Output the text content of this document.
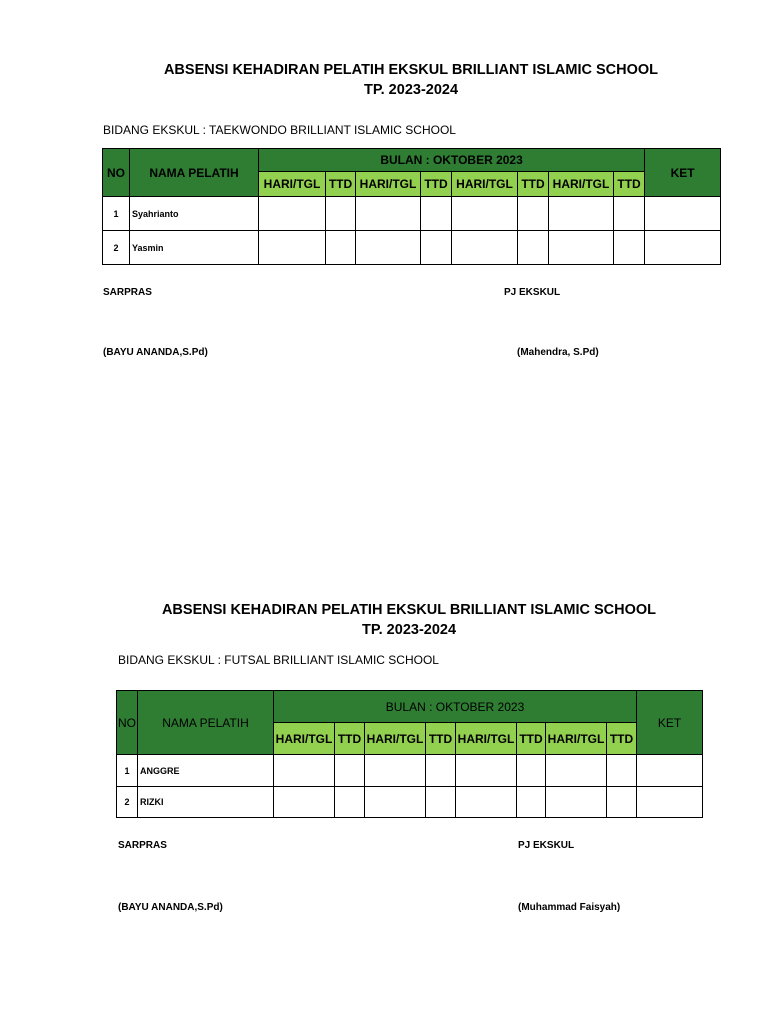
ABSENSI KEHADIRAN PELATIH EKSKUL BRILLIANT ISLAMIC SCHOOL
TP. 2023-2024
BIDANG EKSKUL : TAEKWONDO BRILLIANT ISLAMIC SCHOOL
NO	NAMA PELATIH	BULAN : OKTOBER 2023								KET
		HARI/TGL	TTD	HARI/TGL	TTD	HARI/TGL	TTD	HARI/TGL	TTD	
1	Syahrianto									
2	Yasmin									
SARPRAS	PJ EKSKUL
(BAYU ANANDA,S.Pd)	(Mahendra, S.Pd)
ABSENSI KEHADIRAN PELATIH EKSKUL BRILLIANT ISLAMIC SCHOOL
TP. 2023-2024
BIDANG EKSKUL : FUTSAL BRILLIANT ISLAMIC SCHOOL
NO	NAMA PELATIH	BULAN : OKTOBER 2023								KET
		HARI/TGL	TTD	HARI/TGL	TTD	HARI/TGL	TTD	HARI/TGL	TTD	
1	ANGGRE									
2	RIZKI									
SARPRAS	PJ EKSKUL
(BAYU ANANDA,S.Pd)	(Muhammad Faisyah)
